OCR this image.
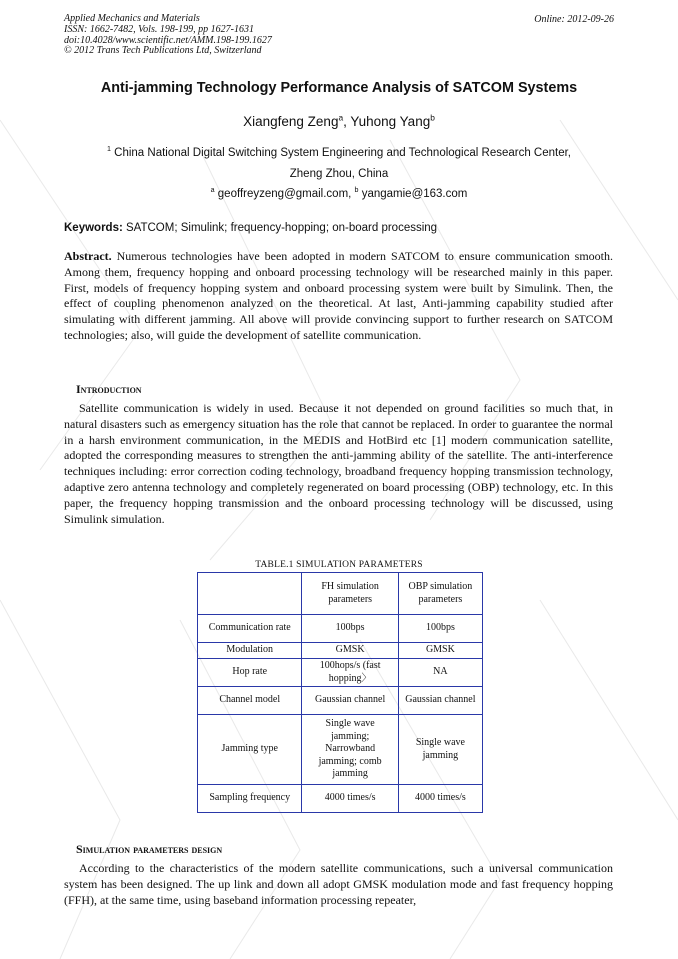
Applied Mechanics and Materials
ISSN: 1662-7482, Vols. 198-199, pp 1627-1631
doi:10.4028/www.scientific.net/AMM.198-199.1627
© 2012 Trans Tech Publications Ltd, Switzerland
Online: 2012-09-26
Anti-jamming Technology Performance Analysis of SATCOM Systems
Xiangfeng Zeng$^a$, Yuhong Yang$^b$
$^1$ China National Digital Switching System Engineering and Technological Research Center,
Zheng Zhou, China
$^a$ geoffreyzeng@gmail.com, $^b$ yangamie@163.com
Keywords: SATCOM; Simulink; frequency-hopping; on-board processing
Abstract. Numerous technologies have been adopted in modern SATCOM to ensure communication smooth. Among them, frequency hopping and onboard processing technology will be researched mainly in this paper. First, models of frequency hopping system and onboard processing system were built by Simulink. Then, the effect of coupling phenomenon analyzed on the theoretical. At last, Anti-jamming capability studied after simulating with different jamming. All above will provide convincing support to further research on SATCOM technologies; also, will guide the development of satellite communication.
Introduction
Satellite communication is widely in used. Because it not depended on ground facilities so much that, in natural disasters such as emergency situation has the role that cannot be replaced. In order to guarantee the normal in a harsh environment communication, in the MEDIS and HotBird etc [1] modern communication satellite, adopted the corresponding measures to strengthen the anti-jamming ability of the satellite. The anti-interference techniques including: error correction coding technology, broadband frequency hopping transmission technology, adaptive zero antenna technology and completely regenerated on board processing (OBP) technology, etc. In this paper, the frequency hopping transmission and the onboard processing technology will be discussed, using Simulink simulation.
TABLE.1 SIMULATION PARAMETERS
	FH simulation parameters	OBP simulation parameters
Communication rate	100bps	100bps
Modulation	GMSK	GMSK
Hop rate	100hops/s (fast hopping〉	NA
Channel model	Gaussian channel	Gaussian channel
Jamming type	Single wave jamming; Narrowband jamming; comb jamming	Single wave jamming
Sampling frequency	4000 times/s	4000 times/s
Simulation parameters design
According to the characteristics of the modern satellite communications, such a universal communication system has been designed. The up link and down all adopt GMSK modulation mode and fast frequency hopping (FFH), at the same time, using baseband information processing repeater,
